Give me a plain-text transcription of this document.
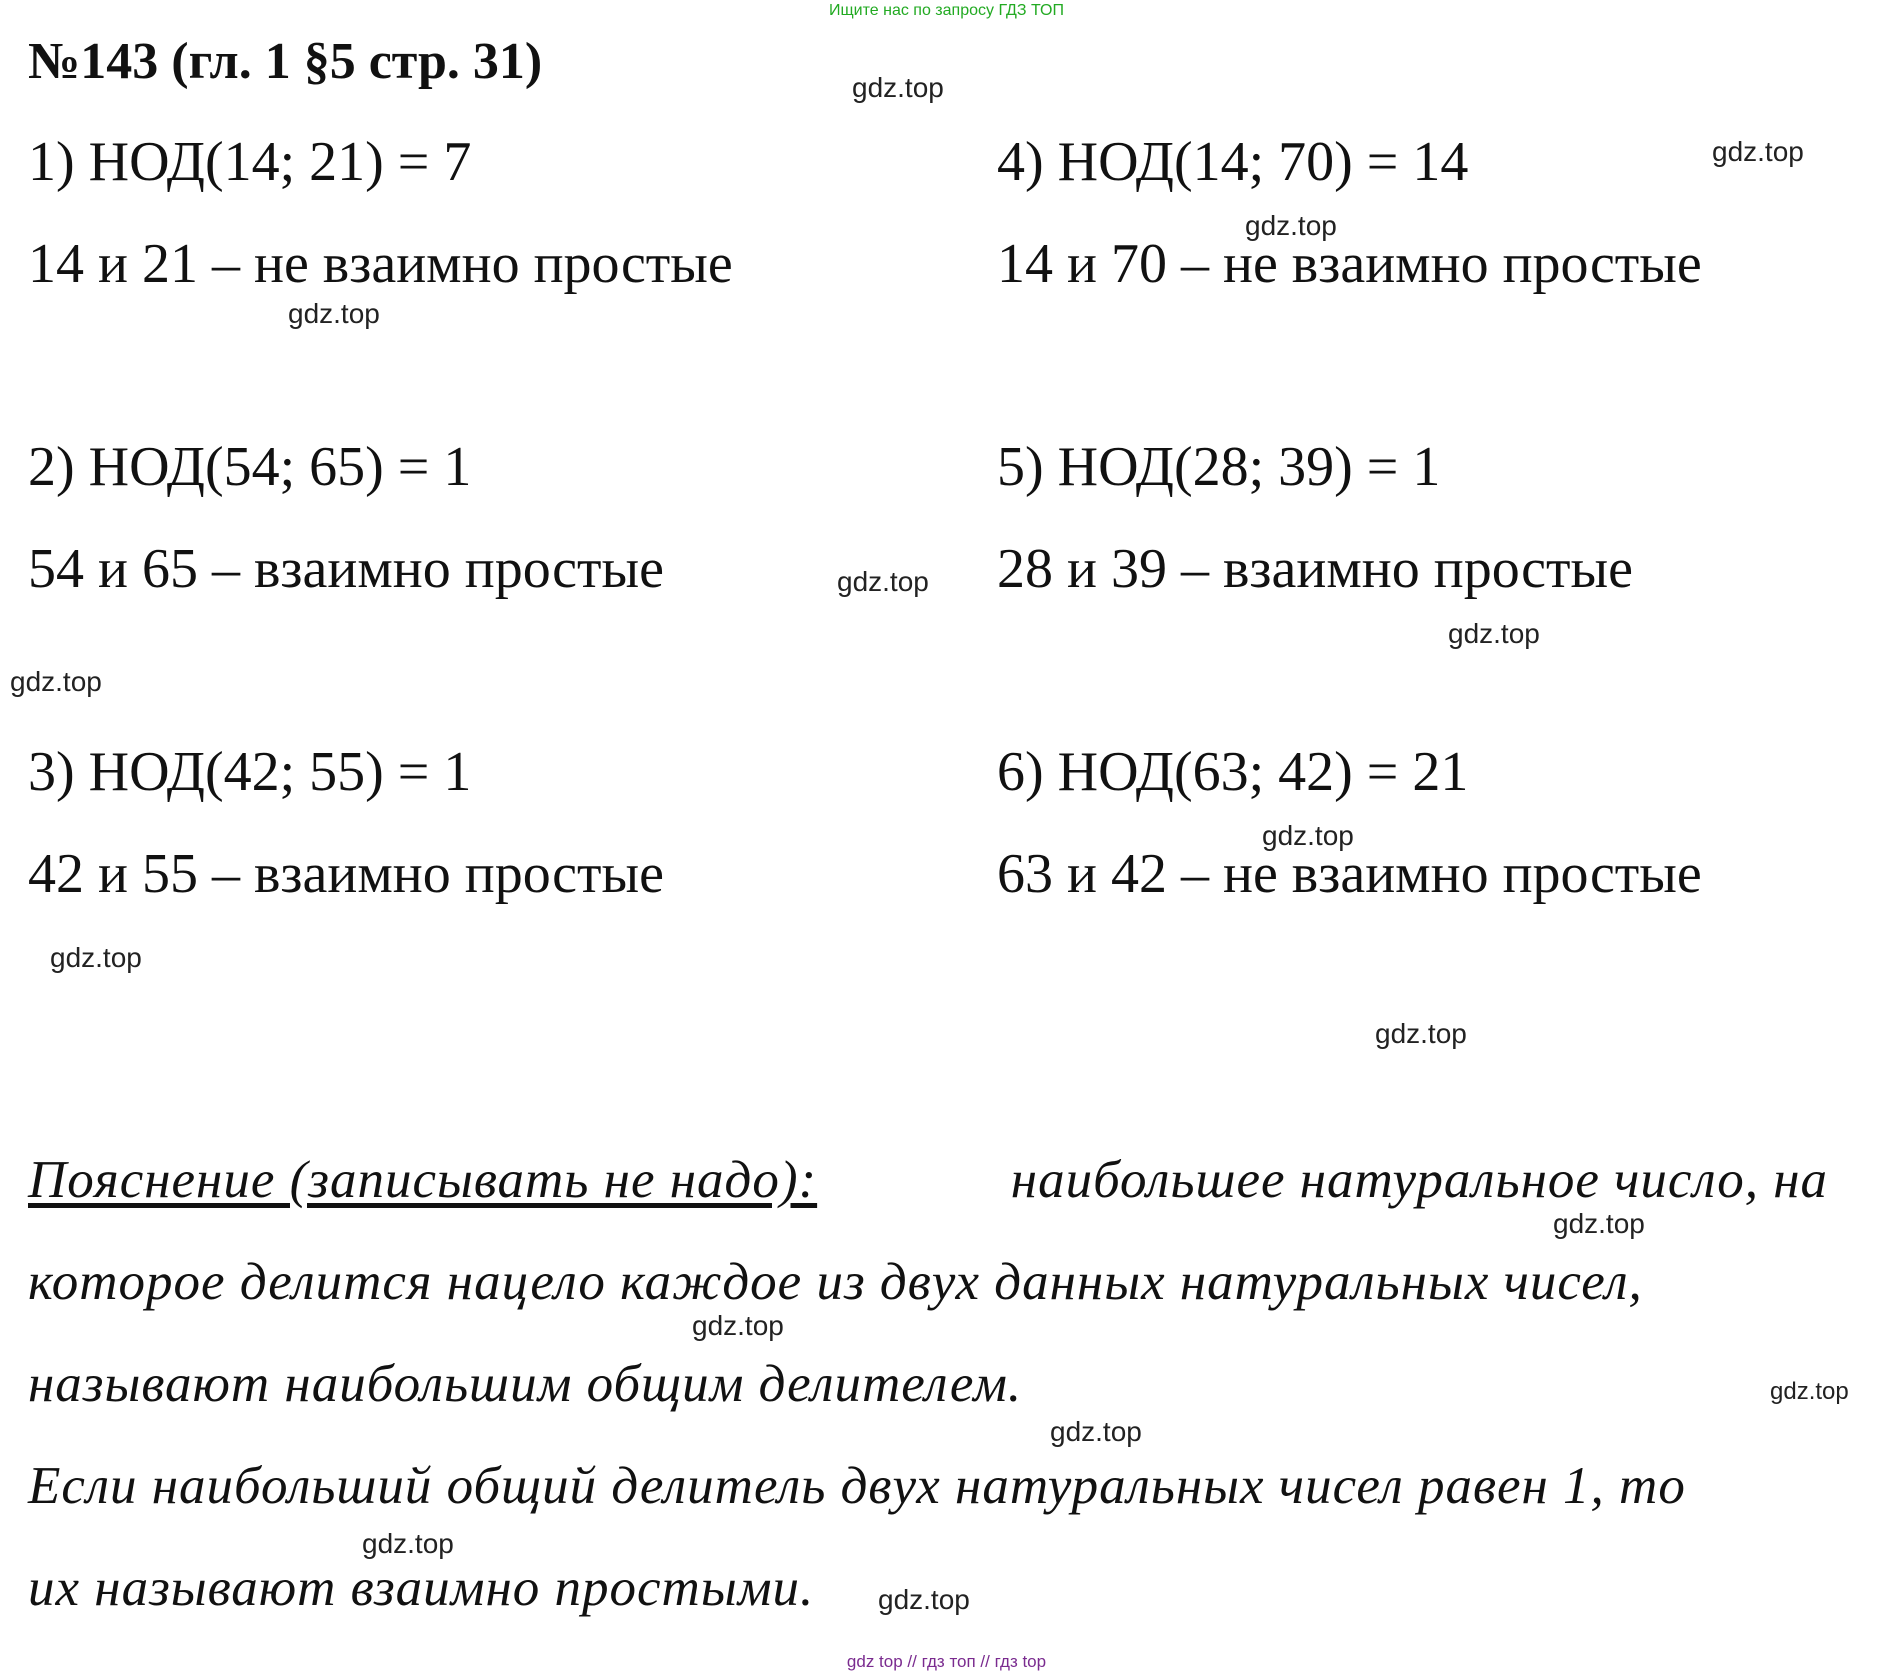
Ищите нас по запросу ГДЗ ТОП
№143 (гл. 1 §5 стр. 31)
1) НОД(14; 21) = 7
14 и 21 – не взаимно простые
2) НОД(54; 65) = 1
54 и 65 – взаимно простые
3) НОД(42; 55) = 1
42 и 55 – взаимно простые
4) НОД(14; 70) = 14
14 и 70 – не взаимно простые
5) НОД(28; 39) = 1
28 и 39 – взаимно простые
6) НОД(63; 42) = 21
63 и 42 – не взаимно простые
Пояснение (записывать не надо):	наибольшее натуральное число, на
которое делится нацело каждое из двух данных натуральных чисел,
называют наибольшим общим делителем.
Если наибольший общий делитель двух натуральных чисел равен 1, то
их называют взаимно простыми.
gdz.top
gdz.top
gdz.top
gdz.top
gdz.top
gdz.top
gdz.top
gdz.top
gdz.top
gdz.top
gdz.top
gdz.top
gdz.top
gdz.top
gdz.top
gdz.top
gdz top // гдз топ // гдз top
